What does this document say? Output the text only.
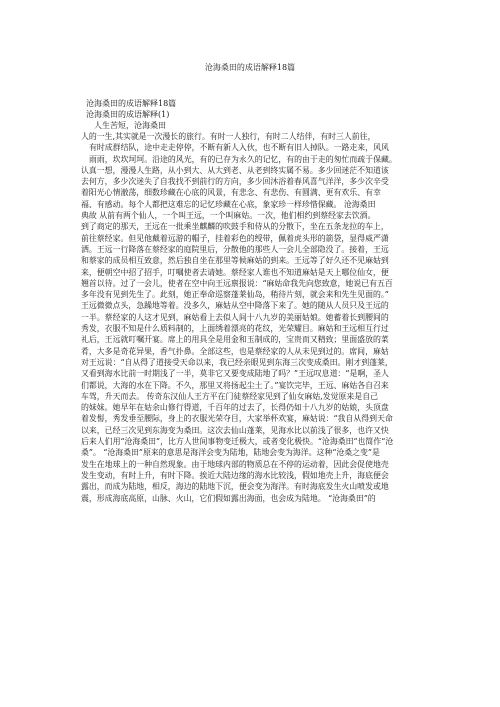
沧海桑田的成语解释18篇

沧海桑田的成语解释18篇

沧海桑田的成语解释(1)

人生苦短，沧海桑田

人的一生,其实就是一次漫长的旅行。有时一人独行，有时二人结伴，有时三人前往，

有时成群结队，途中走走停停，不断有新人入伙，也不断有旧人掉队。一路走来，风风

雨雨，坎坎坷坷。沿途的风光，有的已存为永久的记忆，有的由于走的匆忙而疏于保藏。

认真一想，漫漫人生路，从小到大、从大到老、从老到终实属不易。多少回迷茫不知道该

去何方，多少次迷失了自我找不到前行的方向，多少回沐浴着春风喜气洋洋，多少次辛受

着阳光心情澈荡，细数珍藏在心底的风景，有悲念、有悲伤、有圆满、更有欢乐、有幸

福、有感动。每个人都把这难忘的记忆珍藏在心底，象家珍一样珍惜保藏。 沧海桑田

典故 从前有两个仙人，一个叫王远，一个叫麻姑。一次，他们相约到蔡经家去饮酒。

到了商定的那天，王远在一批乘坐麒麟的吹鼓手和侍从的分散下，坐在五条龙拉的车上，

前往蔡经家。但见他戴着远游的帽子，挂着彩色的绶带，佩着虎头形的箭袋，显得威严潇

洒。王远一行降落在蔡经家的庭院里后，分散他的那些人一会儿全部隐没了。接着，王远

和蔡家的成员相互致意，然后独自坐在那里等候麻姑的到来。王远等了好久还不见麻姑到

来，便朝空中招了招手，叮嘱使者去请她。蔡经家人谁也不知道麻姑是天上哪位仙女，便

翘首以待。过了一会儿，使者在空中向王远禀报说：“麻姑命我先向您致意，她说已有五百

多年没有见到先生了。此刻，她正奉命巡察蓬莱仙岛，稍待片刻，就会来和先生见面的。”

王远微微点头，急躁地等着。没多久，麻姑从空中降落下来了。她的随从人员只及王远的

一半。蔡经家的人这才见到，麻姑看上去似人间十八九岁的美丽姑娘。她蓄着长到腰间的

秀发，衣服不知是什么质料制的，上面绣着漂亮的花纹，光荣耀目。麻姑和王远相互行过

礼后，王远就叮嘱开宴。席上的用具全是用金和玉制成的，宝贵而又精致；里面盛放的菜

肴，大多是奇花异果，香气扑鼻。全部这些，也是蔡经家的人从未见到过的。席间，麻姑

对王远说：“自从得了道接受天命以来，我已经亲眼见到东海三次变成桑田。刚才到蓬莱，

又看到海水比前一时期浅了一半，莫非它又要变成陆地了吗？”王远叹息道：“是啊，圣人

们都说，大海的水在下降。不久，那里又将扬起尘土了。”宴饮完毕，王远、麻姑各自召来

车驾，升天而去。 传奇东汉仙人王方平在门徒蔡经家见到了仙女麻姑,发觉原来是自己

的妹妹。她早年在姑余山修行得道，千百年的过去了，长得仍如十八九岁的姑娘，头顶盘

着发髻，秀发垂至腰际，身上的衣服光荣夺目，大家举杯欢宴，麻姑说：“我自从得到天命

以来，已经三次见到东海变为桑田。这次去仙山蓬莱，见海水比以前浅了很多，也许又快

后来人们用“沧海桑田”，比方人世间事物变迁极大，或者变化极快。“沧海桑田”也简作“沧

桑”。 “沧海桑田”原来的意思是海洋会变为陆地，陆地会变为海洋。这种“沧桑之变”是

发生在地球上的一种自然现象。由于地球内部的物质总在不停的运动着，因此会促使地壳

发生变动，有时上升，有时下降。挨近大陆边缘的海水比较浅，假如地壳上升，海底便会

露出，而成为陆地，相反，海边的陆地下沉，便会变为海洋。有时海底发生火山喷发或地

震，形成海底高原，山脉、火山，它们假如露出海面，也会成为陆地。 “沧海桑田”的
